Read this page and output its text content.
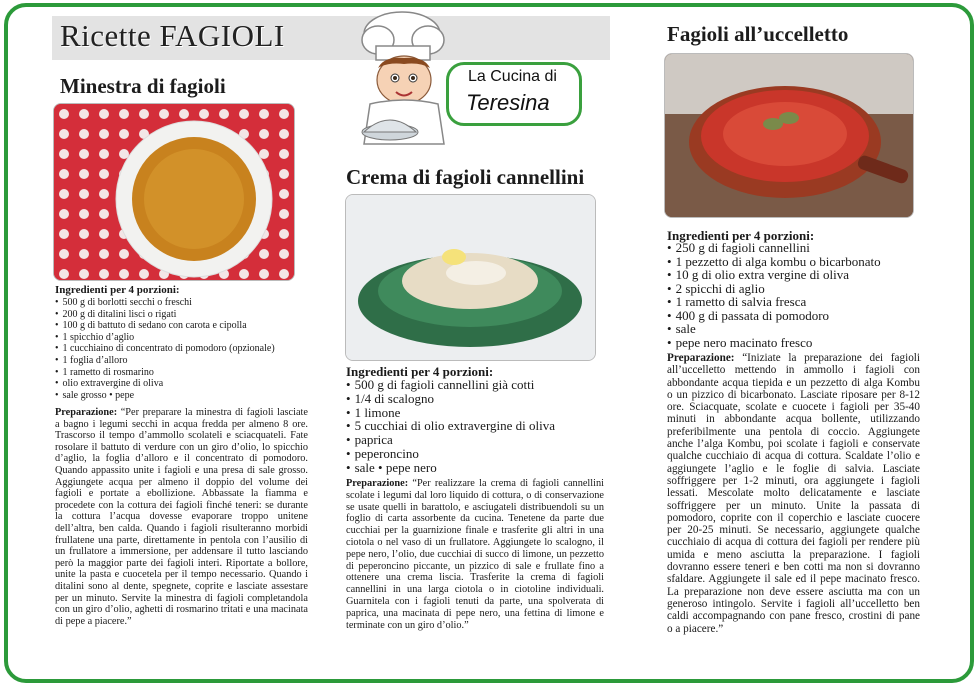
Ricette FAGIOLI
La Cucina di
Teresina
Minestra di fagioli
Ingredienti per 4 porzioni:
• 500 g di borlotti secchi o freschi
• 200 g di ditalini lisci o rigati
• 100 g di battuto di sedano con carota e cipolla
• 1 spicchio d’aglio
• 1 cucchiaino di concentrato di pomodoro (opzionale)
• 1 foglia d’alloro
• 1 rametto di rosmarino
• olio extravergine di oliva
• sale grosso • pepe
Preparazione: “Per preparare la minestra di fagioli lasciate a bagno i legumi secchi in acqua fredda per almeno 8 ore. Trascorso il tempo d’ammollo scolateli e sciacquateli. Fate rosolare il battuto di verdure con un giro d’olio, lo spicchio d’aglio, la foglia d’alloro e il concentrato di pomodoro. Quando appassito unite i fagioli e una presa di sale grosso. Aggiungete acqua per almeno il doppio del volume dei fagioli e portate a ebollizione. Abbassate la fiamma e procedete con la cottura dei fagioli finché teneri: se durante la cottura l’acqua dovesse evaporare troppo unitene dell’altra, ben calda. Quando i fagioli risulteranno morbidi frullatene una parte, direttamente in pentola con l’ausilio di un frullatore a immersione, per addensare il tutto lasciando però la maggior parte dei fagioli interi. Riportate a bollore, unite la pasta e cuocetela per il tempo necessario. Quando i ditalini sono al dente, spegnete, coprite e lasciate assestare per un minuto. Servite la minestra di fagioli completandola con un giro d’olio, aghetti di rosmarino tritati e una macinata di pepe a piacere.”
Crema di fagioli cannellini
Ingredienti per 4 porzioni:
• 500 g di fagioli cannellini già cotti
• 1/4 di scalogno
• 1 limone
• 5 cucchiai di olio extravergine di oliva
• paprica
• peperoncino
• sale • pepe nero
Preparazione: “Per realizzare la crema di fagioli cannellini scolate i legumi dal loro liquido di cottura, o di conservazione se usate quelli in barattolo, e asciugateli distribuendoli su un foglio di carta assorbente da cucina. Tenetene da parte due cucchiai per la guarnizione finale e trasferite gli altri in una ciotola o nel vaso di un frullatore. Aggiungete lo scalogno, il pepe nero, l’olio, due cucchiai di succo di limone, un pezzetto di peperoncino piccante, un pizzico di sale e frullate fino a ottenere una crema liscia. Trasferite la crema di fagioli cannellini in una larga ciotola o in ciotoline individuali. Guarnitela con i fagioli tenuti da parte, una spolverata di paprica, una macinata di pepe nero, una fettina di limone e terminate con un giro d’olio.”
Fagioli all’uccelletto
Ingredienti per 4 porzioni:
• 250 g di fagioli cannellini
• 1 pezzetto di alga kombu o bicarbonato
• 10 g di olio extra vergine di oliva
• 2 spicchi di aglio
• 1 rametto di salvia fresca
• 400 g di passata di pomodoro
• sale
• pepe nero macinato fresco
Preparazione: “Iniziate la preparazione dei fagioli all’uccelletto mettendo in ammollo i fagioli con abbondante acqua tiepida e un pezzetto di alga Kombu o un pizzico di bicarbonato. Lasciate riposare per 8-12 ore. Sciacquate, scolate e cuocete i fagioli per 35-40 minuti in abbondante acqua bollente, utilizzando preferibilmente una pentola di coccio. Aggiungete anche l’alga Kombu, poi scolate i fagioli e conservate qualche cucchiaio di acqua di cottura. Scaldate l’olio e aggiungete l’aglio e le foglie di salvia. Lasciate soffriggere per 1-2 minuti, ora aggiungete i fagioli lessati. Mescolate molto delicatamente e lasciate soffriggere per un minuto. Unite la passata di pomodoro, coprite con il coperchio e lasciate cuocere per 20-25 minuti. Se necessario, aggiungete qualche cucchiaio di acqua di cottura dei fagioli per rendere più umida e meno asciutta la preparazione. I fagioli dovranno essere teneri e ben cotti ma non si dovranno sfaldare. Aggiungete il sale ed il pepe macinato fresco. La preparazione non deve essere asciutta ma con un generoso intingolo. Servite i fagioli all’uccelletto ben caldi accompagnando con pane fresco, crostini di pane o a piacere.”
